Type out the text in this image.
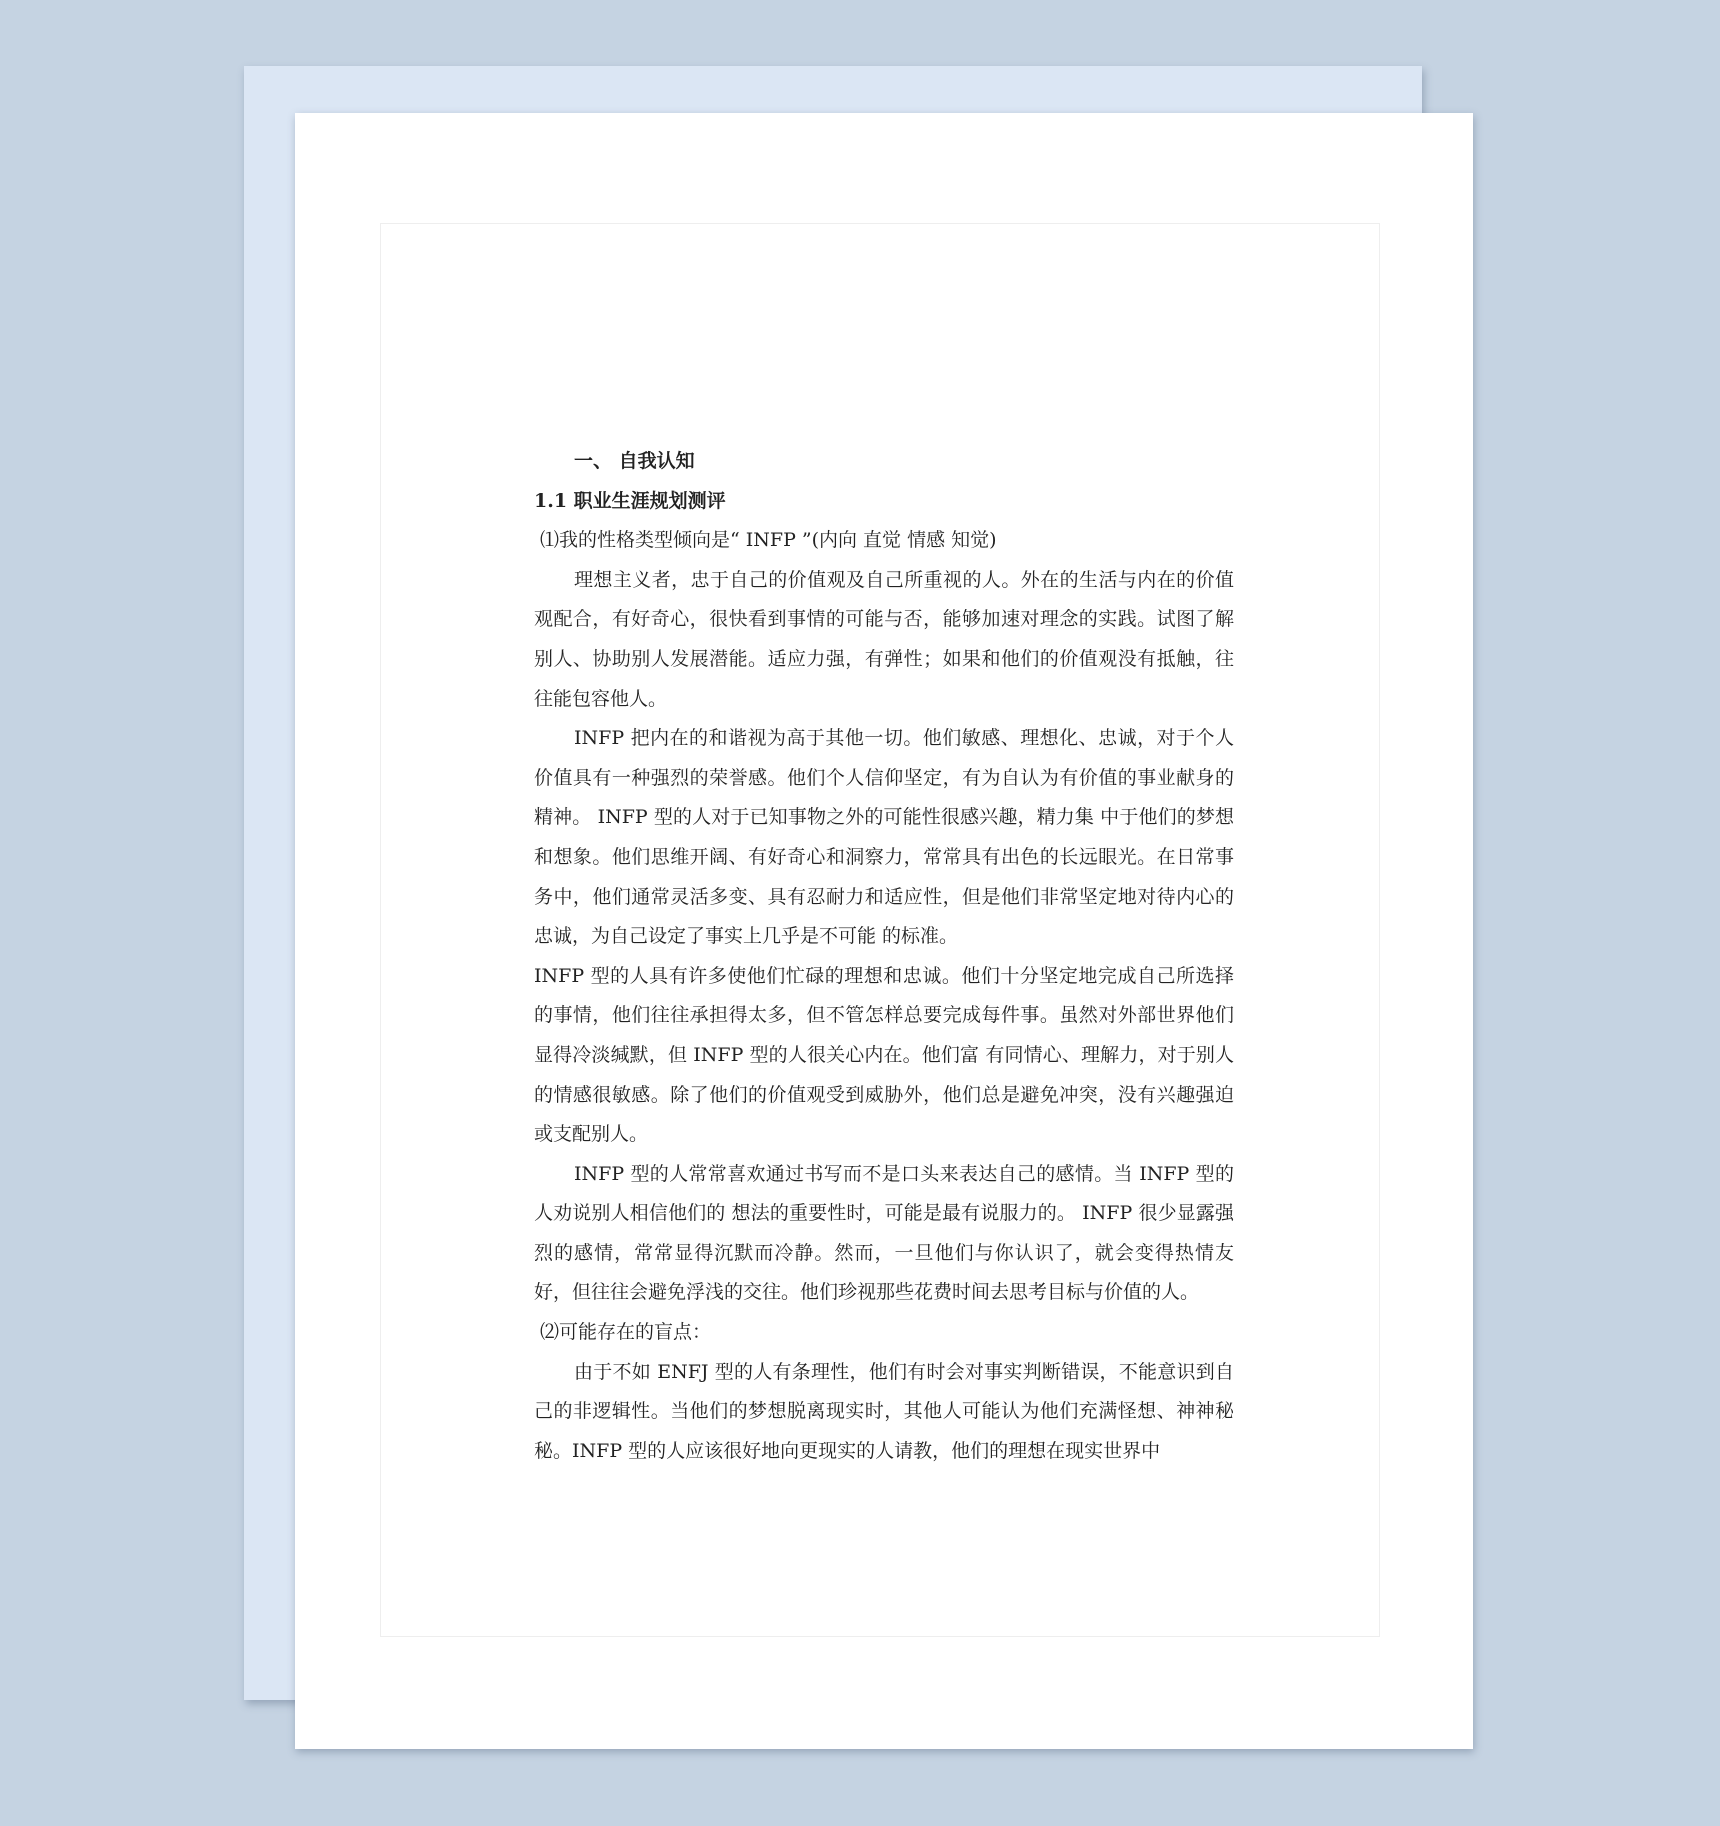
一、 自我认知

1.1 职业生涯规划测评

⑴我的性格类型倾向是“ INFP ”(内向 直觉 情感 知觉)

理想主义者，忠于自己的价值观及自己所重视的人。外在的生活与内在的价值观配合，有好奇心，很快看到事情的可能与否，能够加速对理念的实践。试图了解别人、协助别人发展潜能。适应力强，有弹性；如果和他们的价值观没有抵触，往往能包容他人。

INFP 把内在的和谐视为高于其他一切。他们敏感、理想化、忠诚，对于个人价值具有一种强烈的荣誉感。他们个人信仰坚定，有为自认为有价值的事业献身的精神。 INFP 型的人对于已知事物之外的可能性很感兴趣，精力集 中于他们的梦想和想象。他们思维开阔、有好奇心和洞察力，常常具有出色的长远眼光。在日常事务中，他们通常灵活多变、具有忍耐力和适应性，但是他们非常坚定地对待内心的忠诚，为自己设定了事实上几乎是不可能 的标准。

INFP 型的人具有许多使他们忙碌的理想和忠诚。他们十分坚定地完成自己所选择的事情，他们往往承担得太多，但不管怎样总要完成每件事。虽然对外部世界他们显得冷淡缄默，但 INFP 型的人很关心内在。他们富 有同情心、理解力，对于别人的情感很敏感。除了他们的价值观受到威胁外，他们总是避免冲突，没有兴趣强迫或支配别人。

INFP 型的人常常喜欢通过书写而不是口头来表达自己的感情。当 INFP 型的人劝说别人相信他们的 想法的重要性时，可能是最有说服力的。 INFP 很少显露强烈的感情，常常显得沉默而冷静。然而，一旦他们与你认识了，就会变得热情友好，但往往会避免浮浅的交往。他们珍视那些花费时间去思考目标与价值的人。

⑵可能存在的盲点：

由于不如 ENFJ 型的人有条理性，他们有时会对事实判断错误，不能意识到自己的非逻辑性。当他们的梦想脱离现实时，其他人可能认为他们充满怪想、神神秘秘。INFP 型的人应该很好地向更现实的人请教，他们的理想在现实世界中
